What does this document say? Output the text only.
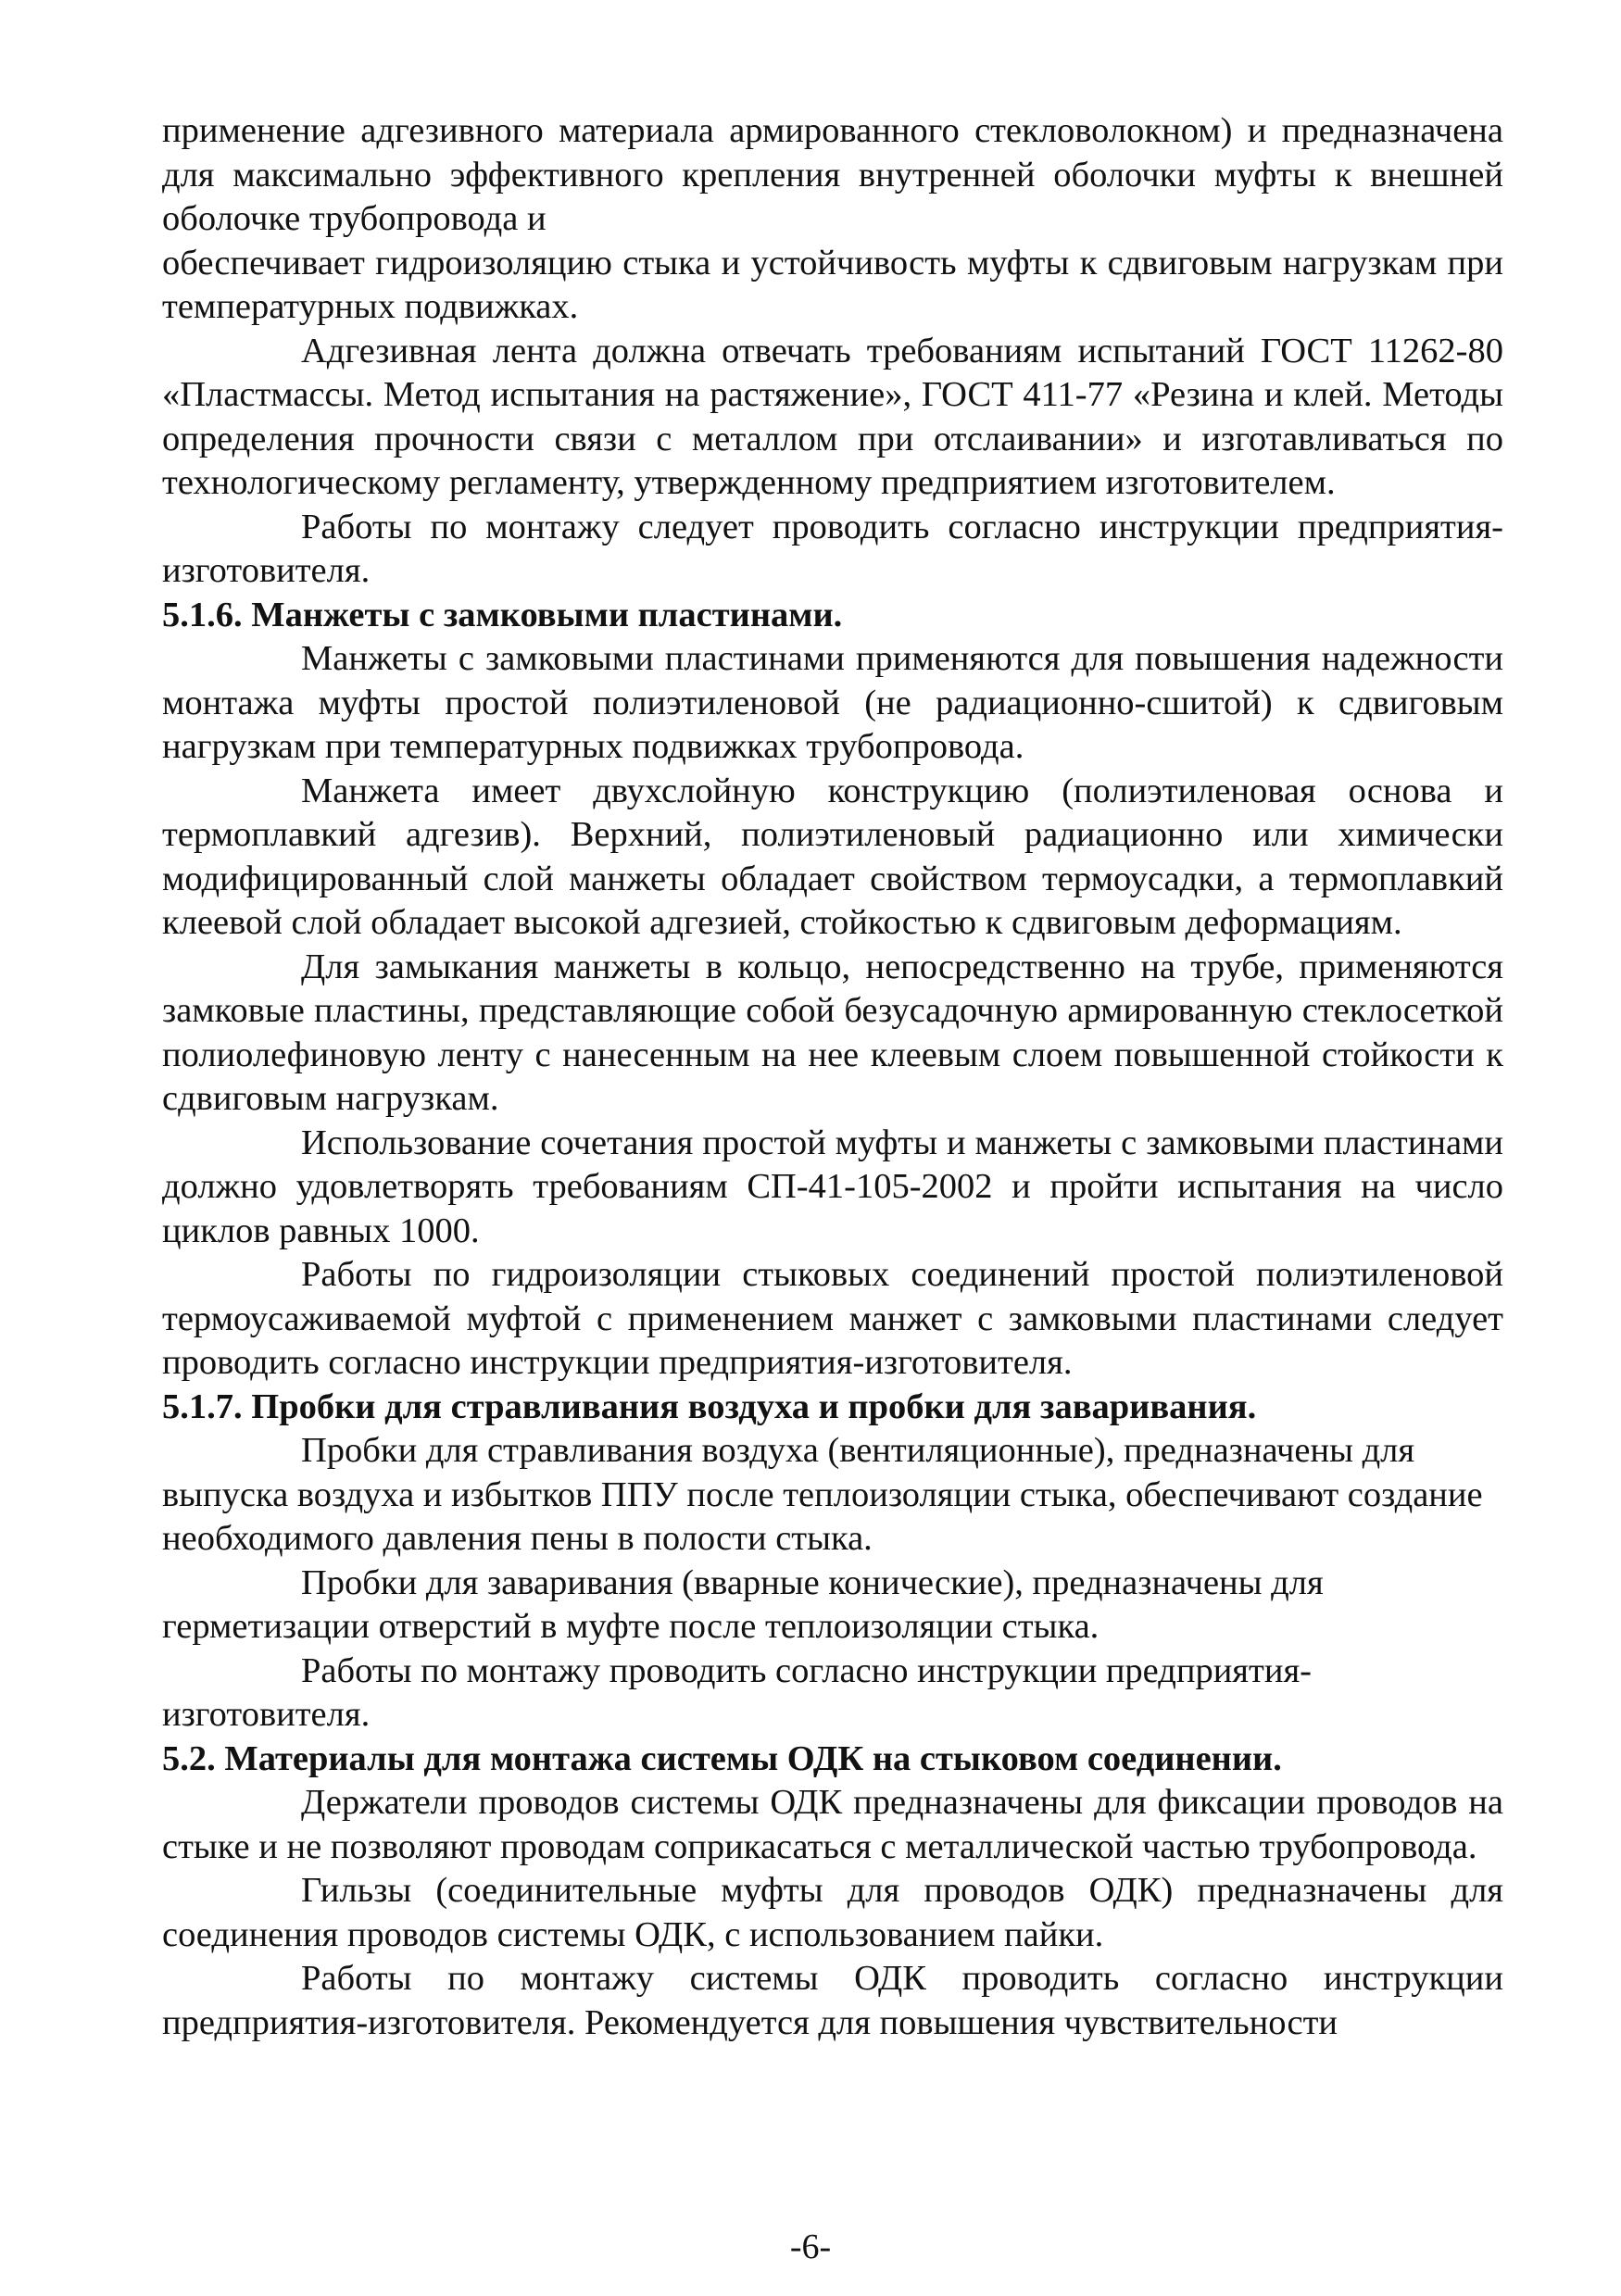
применение адгезивного материала армированного стекловолокном) и предназначена для максимально эффективного крепления внутренней оболочки муфты к внешней оболочке трубопровода и

обеспечивает гидроизоляцию стыка и устойчивость муфты к сдвиговым нагрузкам при температурных подвижках.

Адгезивная лента должна отвечать требованиям испытаний ГОСТ 11262-80 «Пластмассы. Метод испытания на растяжение», ГОСТ 411-77 «Резина и клей. Методы определения прочности связи с металлом при отслаивании» и изготавливаться по технологическому регламенту, утвержденному предприятием изготовителем.

Работы по монтажу следует проводить согласно инструкции предприятия-изготовителя.

5.1.6. Манжеты с замковыми пластинами.

Манжеты с замковыми пластинами применяются для повышения надежности монтажа муфты простой полиэтиленовой (не радиационно-сшитой) к сдвиговым нагрузкам при температурных подвижках трубопровода.

Манжета имеет двухслойную конструкцию (полиэтиленовая основа и термоплавкий адгезив). Верхний, полиэтиленовый радиационно или химически модифицированный слой манжеты обладает свойством термоусадки, а термоплавкий клеевой слой обладает высокой адгезией, стойкостью к сдвиговым деформациям.

Для замыкания манжеты в кольцо, непосредственно на трубе, применяются замковые пластины, представляющие собой безусадочную армированную стеклосеткой полиолефиновую ленту с нанесенным на нее клеевым слоем повышенной стойкости к сдвиговым нагрузкам.

Использование сочетания простой муфты и манжеты с замковыми пластинами должно удовлетворять требованиям СП-41-105-2002 и пройти испытания на число циклов равных 1000.

Работы по гидроизоляции стыковых соединений простой полиэтиленовой термоусаживаемой муфтой с применением манжет с замковыми пластинами следует проводить согласно инструкции предприятия-изготовителя.

5.1.7. Пробки для стравливания воздуха и пробки для заваривания.

Пробки для стравливания воздуха (вентиляционные), предназначены для выпуска воздуха и избытков ППУ после теплоизоляции стыка, обеспечивают создание необходимого давления пены в полости стыка.

Пробки для заваривания (вварные конические), предназначены для герметизации отверстий в муфте после теплоизоляции стыка.

Работы по монтажу проводить согласно инструкции предприятия-изготовителя.

5.2. Материалы для монтажа системы ОДК на стыковом соединении.

Держатели проводов системы ОДК предназначены для фиксации проводов на стыке и не позволяют проводам соприкасаться с металлической частью трубопровода.

Гильзы (соединительные муфты для проводов ОДК) предназначены для соединения проводов системы ОДК, с использованием пайки.

Работы по монтажу системы ОДК проводить согласно инструкции предприятия-изготовителя. Рекомендуется для повышения чувствительности

-6-
